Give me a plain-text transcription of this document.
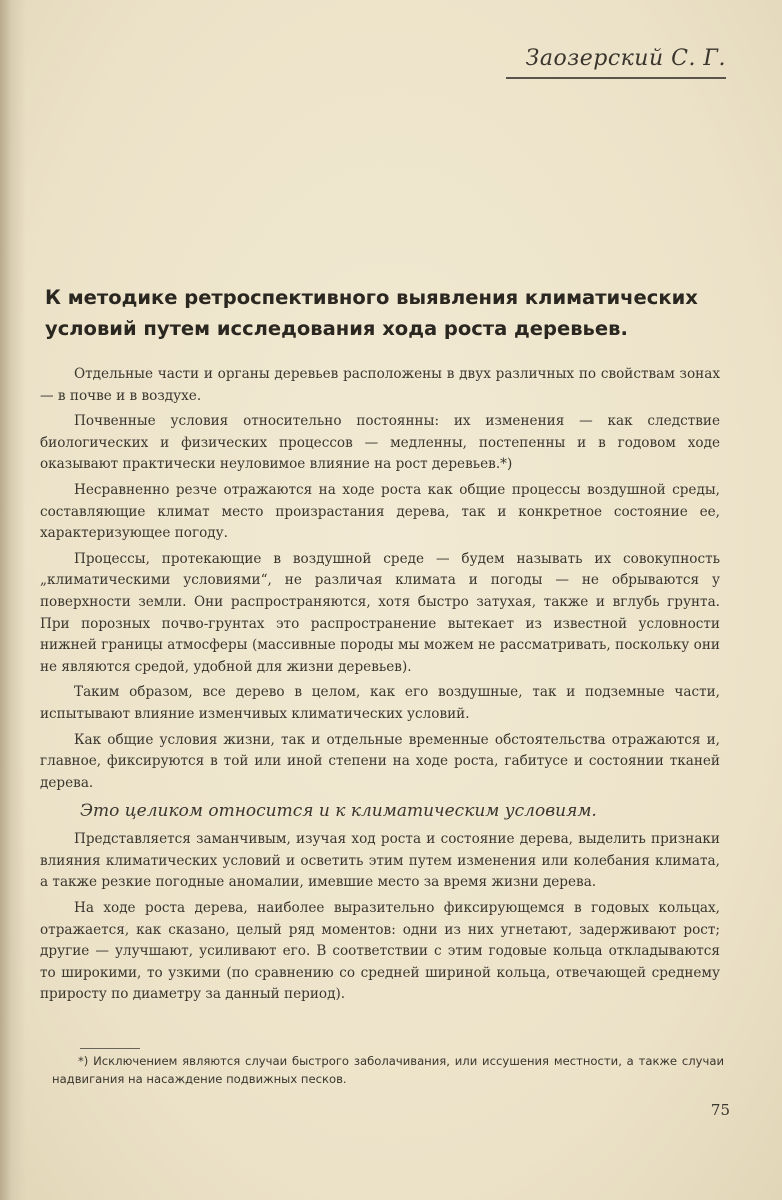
Заозерский С. Г.
К методике ретроспективного выявления климатических условий путем исследования хода роста деревьев.

Отдельные части и органы деревьев расположены в двух различных по свойствам зонах — в почве и в воздухе.

Почвенные условия относительно постоянны: их изменения — как следствие биологических и физических процессов — медленны, постепенны и в годовом ходе оказывают практически неуловимое влияние на рост деревьев.*)

Несравненно резче отражаются на ходе роста как общие процессы воздушной среды, составляющие климат место произрастания дерева, так и конкретное состояние ее, характеризующее погоду.

Процессы, протекающие в воздушной среде — будем называть их совокупность „климатическими условиями“, не различая климата и погоды — не обрываются у поверхности земли. Они распространяются, хотя быстро затухая, также и вглубь грунта. При порозных почво-грунтах это распространение вытекает из известной условности нижней границы атмосферы (массивные породы мы можем не рассматривать, поскольку они не являются средой, удобной для жизни деревьев).

Таким образом, все дерево в целом, как его воздушные, так и подземные части, испытывают влияние изменчивых климатических условий.

Как общие условия жизни, так и отдельные временные обстоятельства отражаются и, главное, фиксируются в той или иной степени на ходе роста, габитусе и состоянии тканей дерева.

Это целиком относится и к климатическим условиям.

Представляется заманчивым, изучая ход роста и состояние дерева, выделить признаки влияния климатических условий и осветить этим путем изменения или колебания климата, а также резкие погодные аномалии, имевшие место за время жизни дерева.

На ходе роста дерева, наиболее выразительно фиксирующемся в годовых кольцах, отражается, как сказано, целый ряд моментов: одни из них угнетают, задерживают рост; другие — улучшают, усиливают его. В соответствии с этим годовые кольца откладываются то широкими, то узкими (по сравнению со средней шириной кольца, отвечающей среднему приросту по диаметру за данный период).

*) Исключением являются случаи быстрого заболачивания, или иссушения местности, а также случаи надвигания на насаждение подвижных песков.

75
